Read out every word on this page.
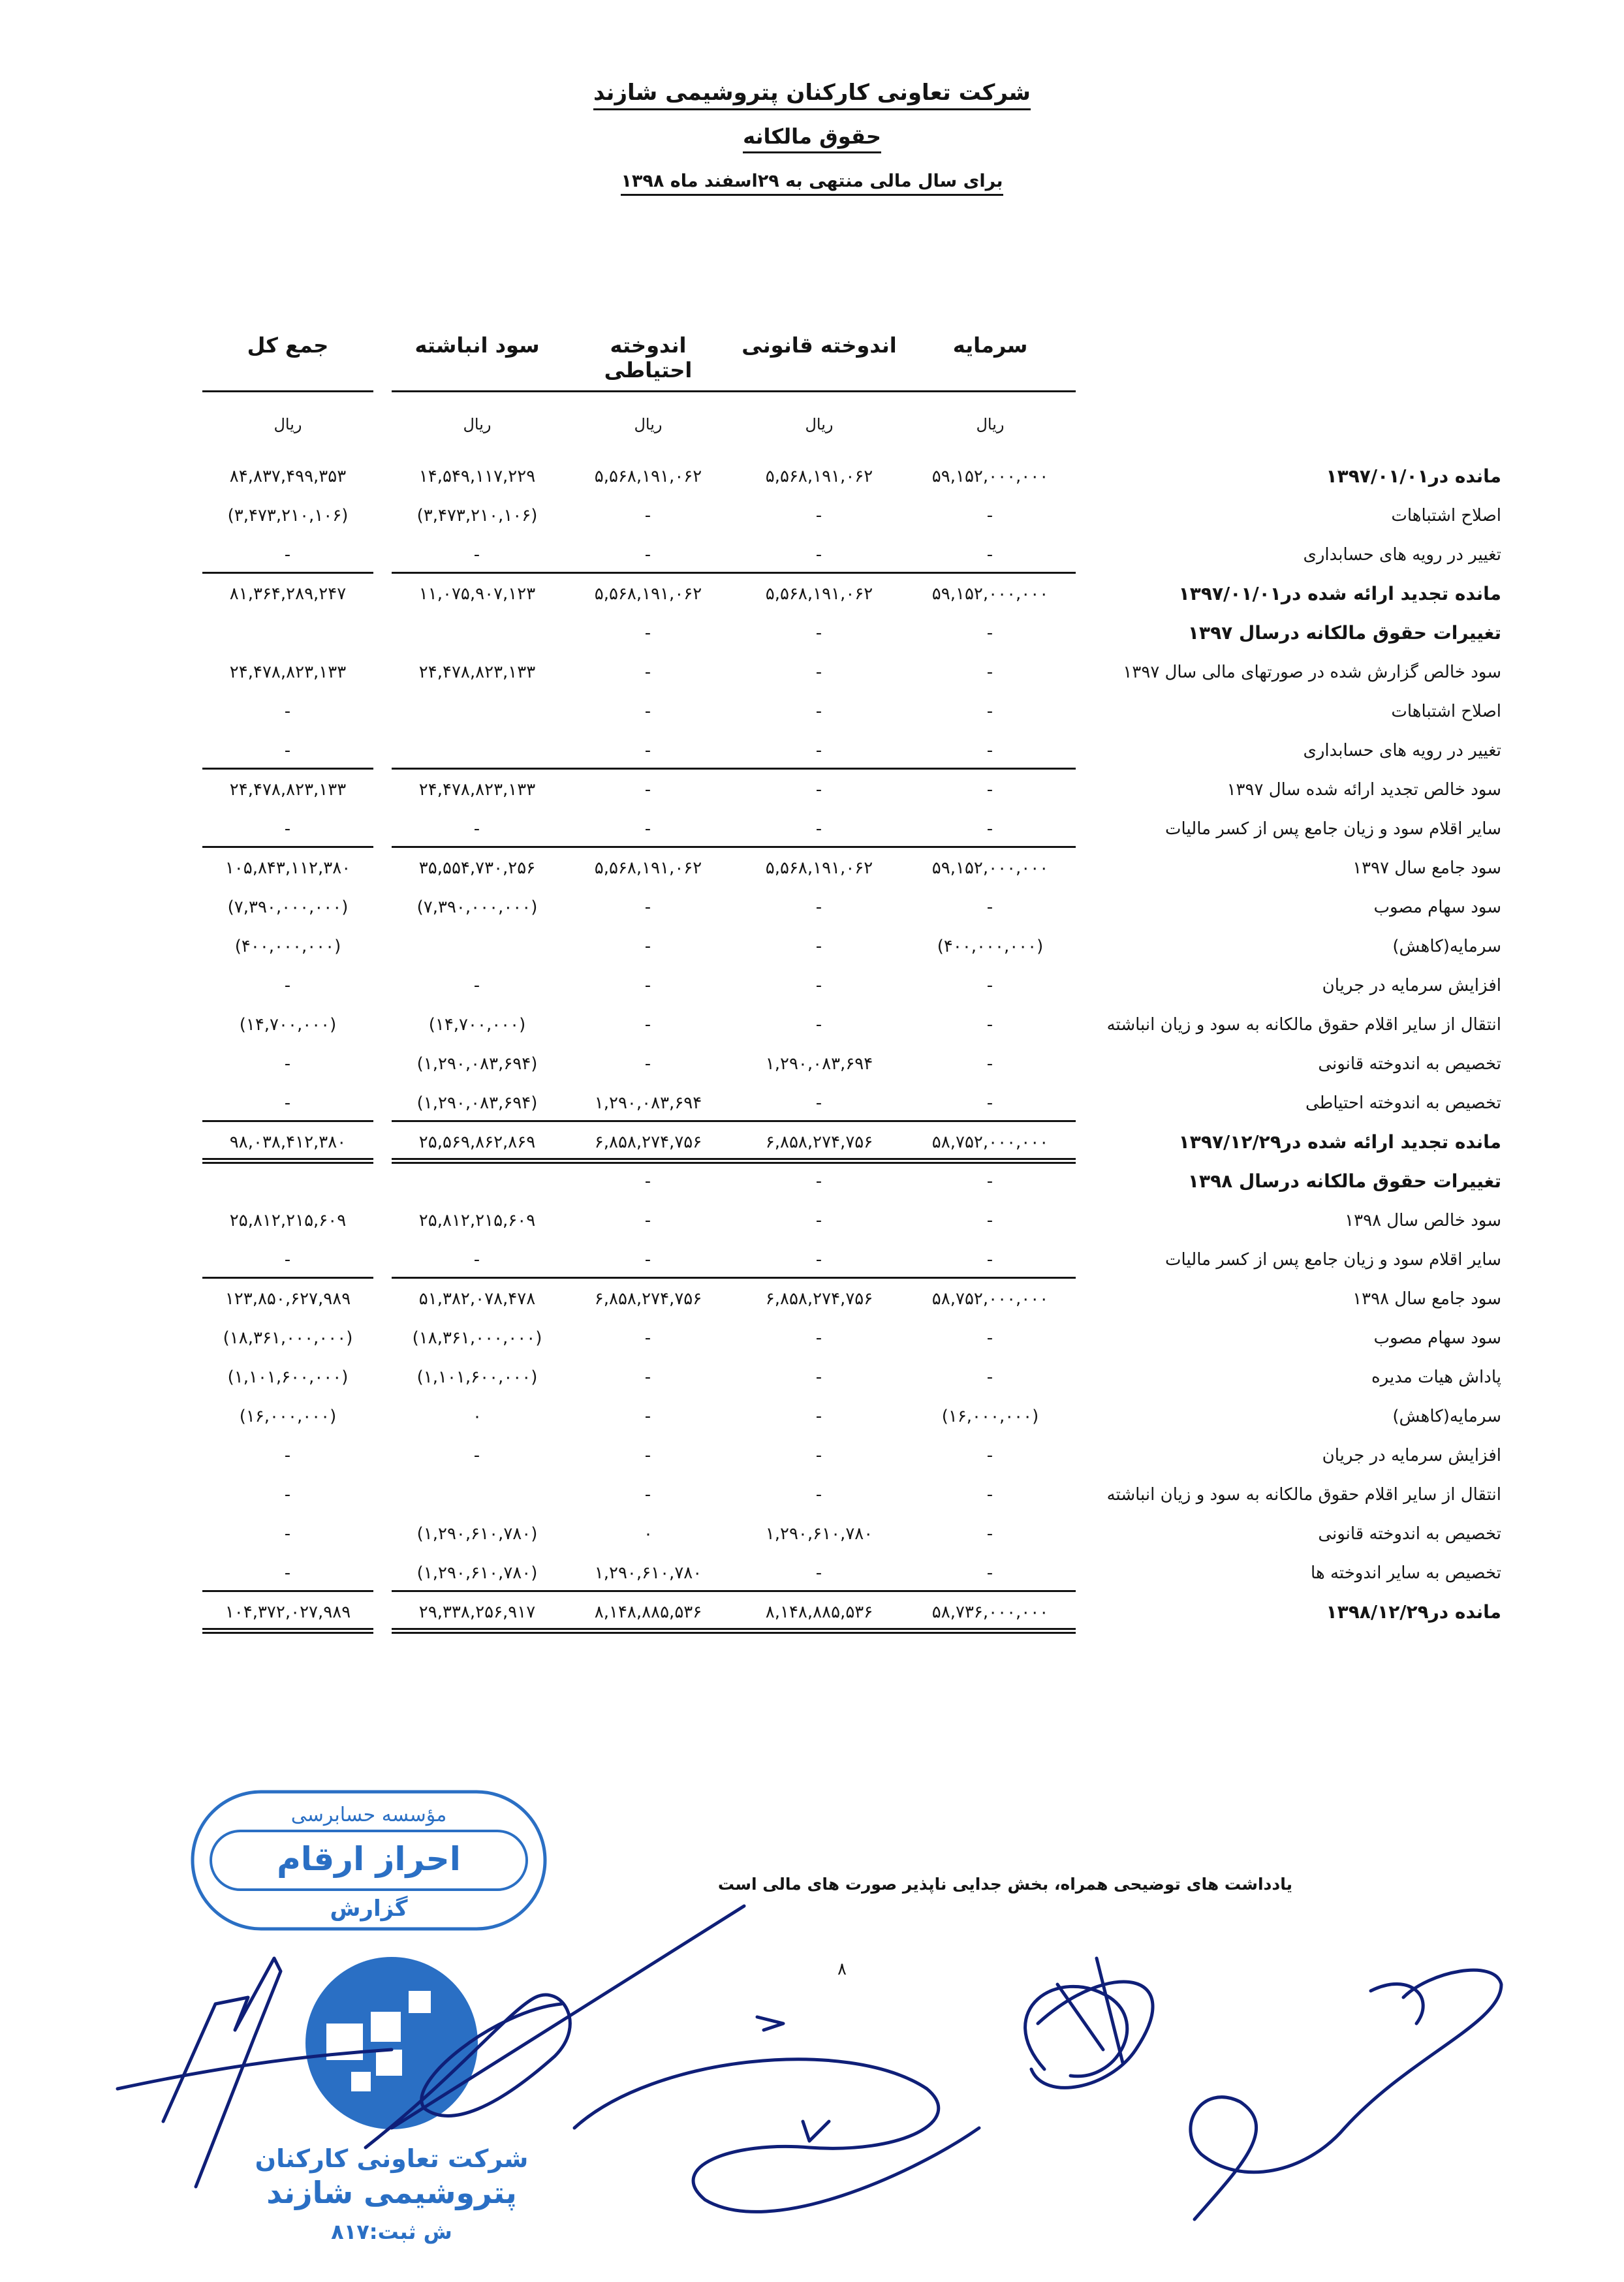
شرکت تعاونی کارکنان پتروشیمی شازند
حقوق مالکانه
برای سال مالی منتهی به ۲۹اسفند ماه ۱۳۹۸
سرمایه
ریال
اندوخته قانونی
ریال
اندوخته احتیاطی
ریال
سود انباشته
ریال
جمع کل
ریال
مانده در۱۳۹۷/۰۱/۰۱
۵۹,۱۵۲,۰۰۰,۰۰۰
۵,۵۶۸,۱۹۱,۰۶۲
۵,۵۶۸,۱۹۱,۰۶۲
۱۴,۵۴۹,۱۱۷,۲۲۹
۸۴,۸۳۷,۴۹۹,۳۵۳
اصلاح اشتباهات
-
-
-
(۳,۴۷۳,۲۱۰,۱۰۶)
(۳,۴۷۳,۲۱۰,۱۰۶)
تغییر در رویه های حسابداری
-
-
-
-
-
مانده تجدید ارائه شده در۱۳۹۷/۰۱/۰۱
۵۹,۱۵۲,۰۰۰,۰۰۰
۵,۵۶۸,۱۹۱,۰۶۲
۵,۵۶۸,۱۹۱,۰۶۲
۱۱,۰۷۵,۹۰۷,۱۲۳
۸۱,۳۶۴,۲۸۹,۲۴۷
تغییرات حقوق مالکانه درسال ۱۳۹۷
-
-
-
سود خالص گزارش شده در صورتهای مالی سال ۱۳۹۷
-
-
-
۲۴,۴۷۸,۸۲۳,۱۳۳
۲۴,۴۷۸,۸۲۳,۱۳۳
اصلاح اشتباهات
-
-
-
-
تغییر در رویه های حسابداری
-
-
-
-
سود خالص تجدید ارائه شده سال ۱۳۹۷
-
-
-
۲۴,۴۷۸,۸۲۳,۱۳۳
۲۴,۴۷۸,۸۲۳,۱۳۳
سایر اقلام سود و زیان جامع پس از کسر مالیات
-
-
-
-
-
سود جامع سال ۱۳۹۷
۵۹,۱۵۲,۰۰۰,۰۰۰
۵,۵۶۸,۱۹۱,۰۶۲
۵,۵۶۸,۱۹۱,۰۶۲
۳۵,۵۵۴,۷۳۰,۲۵۶
۱۰۵,۸۴۳,۱۱۲,۳۸۰
سود سهام مصوب
-
-
-
(۷,۳۹۰,۰۰۰,۰۰۰)
(۷,۳۹۰,۰۰۰,۰۰۰)
سرمایه(کاهش)
(۴۰۰,۰۰۰,۰۰۰)
-
-
(۴۰۰,۰۰۰,۰۰۰)
افزایش سرمایه در جریان
-
-
-
-
-
انتقال از سایر اقلام حقوق مالکانه به سود و زیان انباشته
-
-
-
(۱۴,۷۰۰,۰۰۰)
(۱۴,۷۰۰,۰۰۰)
تخصیص به اندوخته قانونی
-
۱,۲۹۰,۰۸۳,۶۹۴
-
(۱,۲۹۰,۰۸۳,۶۹۴)
-
تخصیص به اندوخته احتیاطی
-
-
۱,۲۹۰,۰۸۳,۶۹۴
(۱,۲۹۰,۰۸۳,۶۹۴)
-
مانده تجدید ارائه شده در۱۳۹۷/۱۲/۲۹
۵۸,۷۵۲,۰۰۰,۰۰۰
۶,۸۵۸,۲۷۴,۷۵۶
۶,۸۵۸,۲۷۴,۷۵۶
۲۵,۵۶۹,۸۶۲,۸۶۹
۹۸,۰۳۸,۴۱۲,۳۸۰
تغییرات حقوق مالکانه درسال ۱۳۹۸
-
-
-
سود خالص سال ۱۳۹۸
-
-
-
۲۵,۸۱۲,۲۱۵,۶۰۹
۲۵,۸۱۲,۲۱۵,۶۰۹
سایر اقلام سود و زیان جامع پس از کسر مالیات
-
-
-
-
-
سود جامع سال ۱۳۹۸
۵۸,۷۵۲,۰۰۰,۰۰۰
۶,۸۵۸,۲۷۴,۷۵۶
۶,۸۵۸,۲۷۴,۷۵۶
۵۱,۳۸۲,۰۷۸,۴۷۸
۱۲۳,۸۵۰,۶۲۷,۹۸۹
سود سهام مصوب
-
-
-
(۱۸,۳۶۱,۰۰۰,۰۰۰)
(۱۸,۳۶۱,۰۰۰,۰۰۰)
پاداش هیات مدیره
-
-
-
(۱,۱۰۱,۶۰۰,۰۰۰)
(۱,۱۰۱,۶۰۰,۰۰۰)
سرمایه(کاهش)
(۱۶,۰۰۰,۰۰۰)
-
-
۰
(۱۶,۰۰۰,۰۰۰)
افزایش سرمایه در جریان
-
-
-
-
-
انتقال از سایر اقلام حقوق مالکانه به سود و زیان انباشته
-
-
-
-
تخصیص به اندوخته قانونی
-
۱,۲۹۰,۶۱۰,۷۸۰
۰
(۱,۲۹۰,۶۱۰,۷۸۰)
-
تخصیص به سایر اندوخته ها
-
-
۱,۲۹۰,۶۱۰,۷۸۰
(۱,۲۹۰,۶۱۰,۷۸۰)
-
مانده در۱۳۹۸/۱۲/۲۹
۵۸,۷۳۶,۰۰۰,۰۰۰
۸,۱۴۸,۸۸۵,۵۳۶
۸,۱۴۸,۸۸۵,۵۳۶
۲۹,۳۳۸,۲۵۶,۹۱۷
۱۰۴,۳۷۲,۰۲۷,۹۸۹
یادداشت های توضیحی همراه، بخش جدایی ناپذیر صورت های مالی است
۸
مؤسسه حسابرسی
احراز ارقام
گزارش
شرکت تعاونی کارکنان
پتروشیمی شازند
ش ثبت:۸۱۷
